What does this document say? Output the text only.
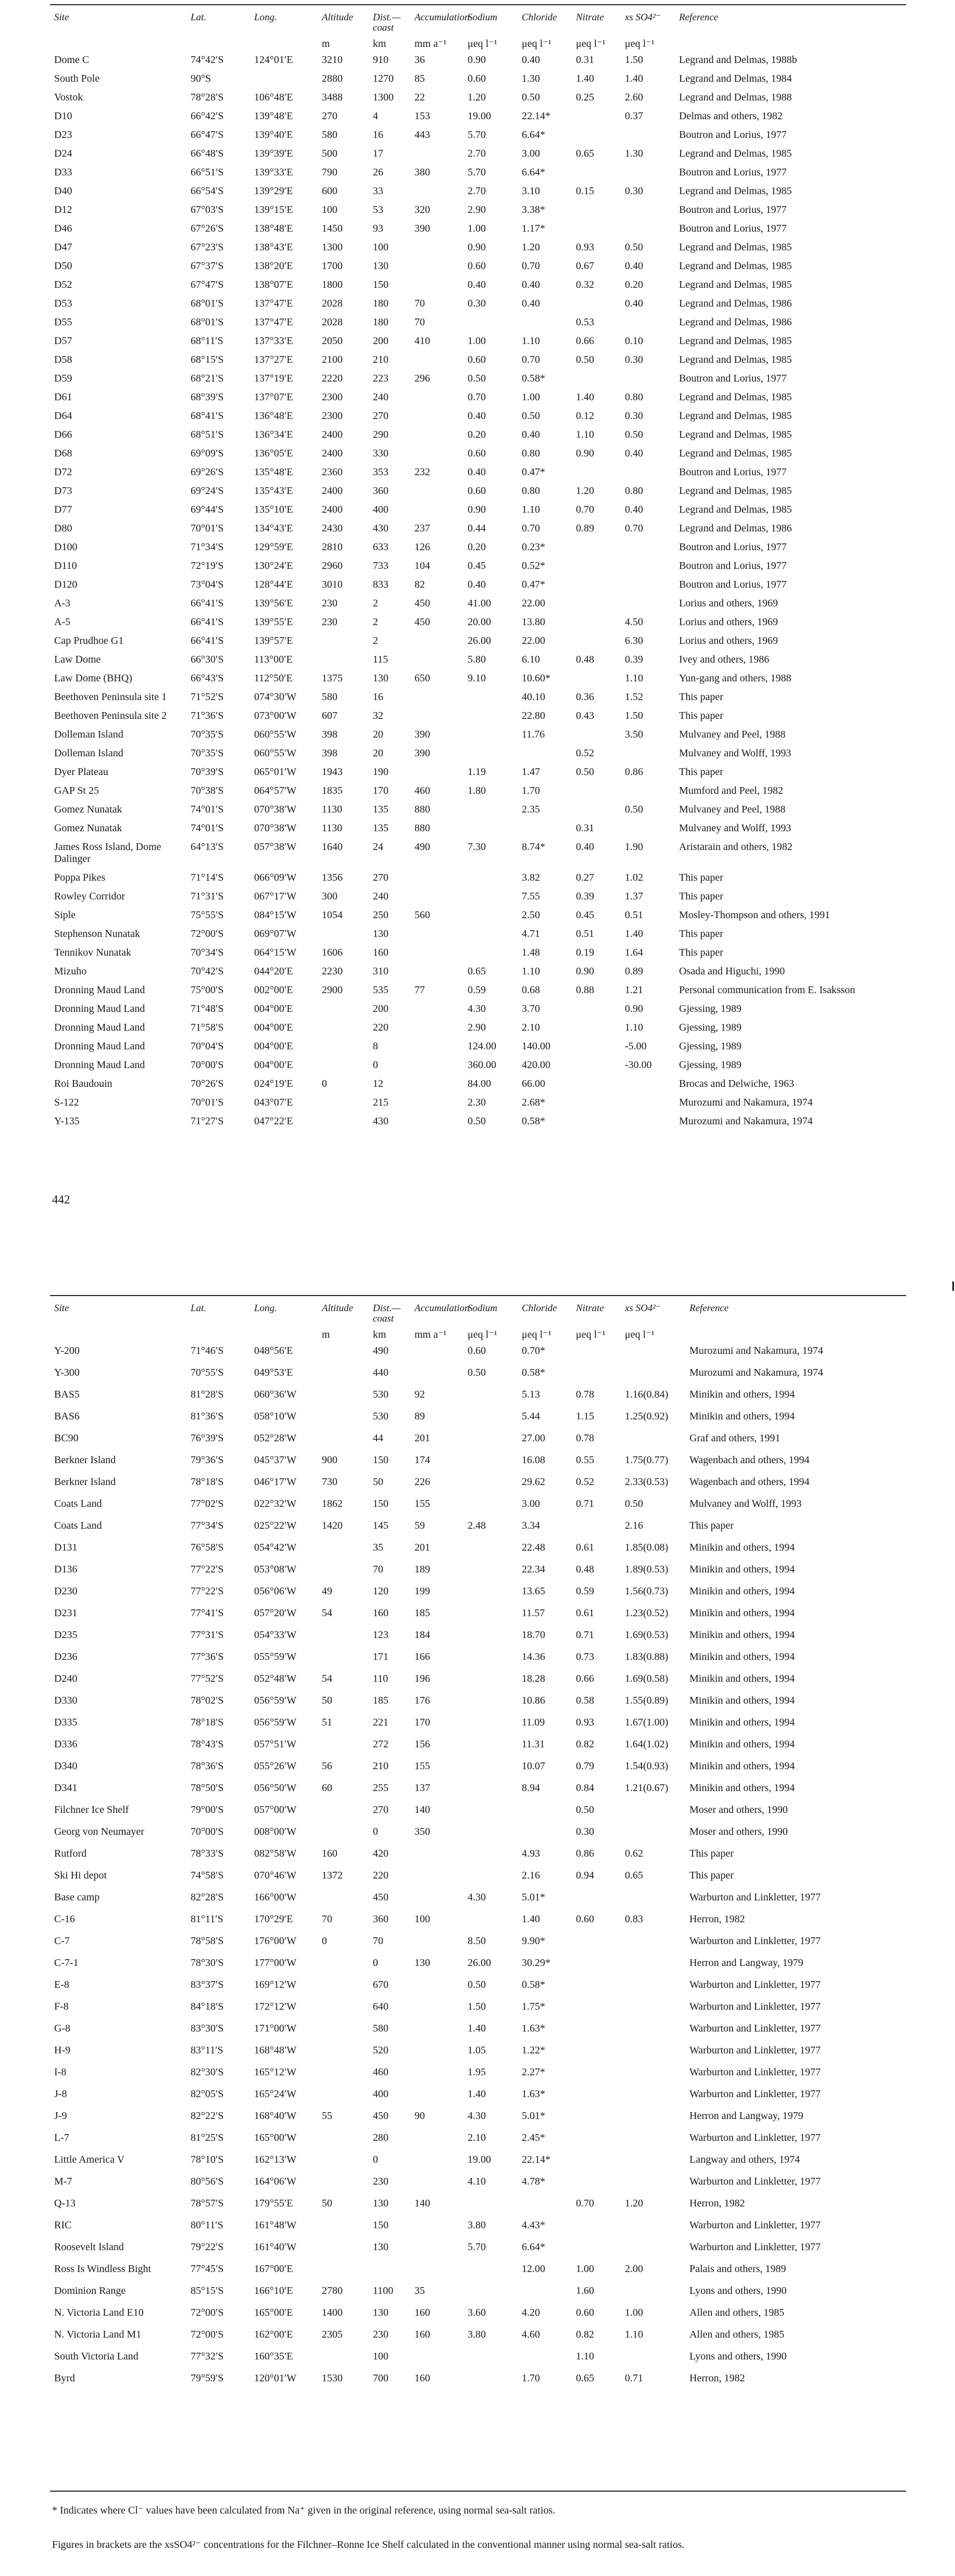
Site	Lat.	Long.	Altitude	Dist.—coast	Accumulation	Sodium	Chloride	Nitrate	xs SO4²⁻	Reference
			m	km	mm a⁻¹	μeq l⁻¹	μeq l⁻¹	μeq l⁻¹	μeq l⁻¹	
Dome C	74°42′S	124°01′E	3210	910	36	0.90	0.40	0.31	1.50	Legrand and Delmas, 1988b
South Pole	90°S		2880	1270	85	0.60	1.30	1.40	1.40	Legrand and Delmas, 1984
Vostok	78°28′S	106°48′E	3488	1300	22	1.20	0.50	0.25	2.60	Legrand and Delmas, 1988
D10	66°42′S	139°48′E	270	4	153	19.00	22.14*		0.37	Delmas and others, 1982
D23	66°47′S	139°40′E	580	16	443	5.70	6.64*			Boutron and Lorius, 1977
D24	66°48′S	139°39′E	500	17		2.70	3.00	0.65	1.30	Legrand and Delmas, 1985
D33	66°51′S	139°33′E	790	26	380	5.70	6.64*			Boutron and Lorius, 1977
D40	66°54′S	139°29′E	600	33		2.70	3.10	0.15	0.30	Legrand and Delmas, 1985
D12	67°03′S	139°15′E	100	53	320	2.90	3.38*			Boutron and Lorius, 1977
D46	67°26′S	138°48′E	1450	93	390	1.00	1.17*			Boutron and Lorius, 1977
D47	67°23′S	138°43′E	1300	100		0.90	1.20	0.93	0.50	Legrand and Delmas, 1985
D50	67°37′S	138°20′E	1700	130		0.60	0.70	0.67	0.40	Legrand and Delmas, 1985
D52	67°47′S	138°07′E	1800	150		0.40	0.40	0.32	0.20	Legrand and Delmas, 1985
D53	68°01′S	137°47′E	2028	180	70	0.30	0.40		0.40	Legrand and Delmas, 1986
D55	68°01′S	137°47′E	2028	180	70			0.53		Legrand and Delmas, 1986
D57	68°11′S	137°33′E	2050	200	410	1.00	1.10	0.66	0.10	Legrand and Delmas, 1985
D58	68°15′S	137°27′E	2100	210		0.60	0.70	0.50	0.30	Legrand and Delmas, 1985
D59	68°21′S	137°19′E	2220	223	296	0.50	0.58*			Boutron and Lorius, 1977
D61	68°39′S	137°07′E	2300	240		0.70	1.00	1.40	0.80	Legrand and Delmas, 1985
D64	68°41′S	136°48′E	2300	270		0.40	0.50	0.12	0.30	Legrand and Delmas, 1985
D66	68°51′S	136°34′E	2400	290		0.20	0.40	1.10	0.50	Legrand and Delmas, 1985
D68	69°09′S	136°05′E	2400	330		0.60	0.80	0.90	0.40	Legrand and Delmas, 1985
D72	69°26′S	135°48′E	2360	353	232	0.40	0.47*			Boutron and Lorius, 1977
D73	69°24′S	135°43′E	2400	360		0.60	0.80	1.20	0.80	Legrand and Delmas, 1985
D77	69°44′S	135°10′E	2400	400		0.90	1.10	0.70	0.40	Legrand and Delmas, 1985
D80	70°01′S	134°43′E	2430	430	237	0.44	0.70	0.89	0.70	Legrand and Delmas, 1986
D100	71°34′S	129°59′E	2810	633	126	0.20	0.23*			Boutron and Lorius, 1977
D110	72°19′S	130°24′E	2960	733	104	0.45	0.52*			Boutron and Lorius, 1977
D120	73°04′S	128°44′E	3010	833	82	0.40	0.47*			Boutron and Lorius, 1977
A-3	66°41′S	139°56′E	230	2	450	41.00	22.00			Lorius and others, 1969
A-5	66°41′S	139°55′E	230	2	450	20.00	13.80		4.50	Lorius and others, 1969
Cap Prudhoe G1	66°41′S	139°57′E		2		26.00	22.00		6.30	Lorius and others, 1969
Law Dome	66°30′S	113°00′E		115		5.80	6.10	0.48	0.39	Ivey and others, 1986
Law Dome (BHQ)	66°43′S	112°50′E	1375	130	650	9.10	10.60*		1.10	Yun-gang and others, 1988
Beethoven Peninsula site 1	71°52′S	074°30′W	580	16			40.10	0.36	1.52	This paper
Beethoven Peninsula site 2	71°36′S	073°00′W	607	32			22.80	0.43	1.50	This paper
Dolleman Island	70°35′S	060°55′W	398	20	390		11.76		3.50	Mulvaney and Peel, 1988
Dolleman Island	70°35′S	060°55′W	398	20	390			0.52		Mulvaney and Wolff, 1993
Dyer Plateau	70°39′S	065°01′W	1943	190		1.19	1.47	0.50	0.86	This paper
GAP St 25	70°38′S	064°57′W	1835	170	460	1.80	1.70			Mumford and Peel, 1982
Gomez Nunatak	74°01′S	070°38′W	1130	135	880		2.35		0.50	Mulvaney and Peel, 1988
Gomez Nunatak	74°01′S	070°38′W	1130	135	880			0.31		Mulvaney and Wolff, 1993
James Ross Island, Dome Dalinger	64°13′S	057°38′W	1640	24	490	7.30	8.74*	0.40	1.90	Aristarain and others, 1982
Poppa Pikes	71°14′S	066°09′W	1356	270			3.82	0.27	1.02	This paper
Rowley Corridor	71°31′S	067°17′W	300	240			7.55	0.39	1.37	This paper
Siple	75°55′S	084°15′W	1054	250	560		2.50	0.45	0.51	Mosley-Thompson and others, 1991
Stephenson Nunatak	72°00′S	069°07′W		130			4.71	0.51	1.40	This paper
Tennikov Nunatak	70°34′S	064°15′W	1606	160			1.48	0.19	1.64	This paper
Mizuho	70°42′S	044°20′E	2230	310		0.65	1.10	0.90	0.89	Osada and Higuchi, 1990
Dronning Maud Land	75°00′S	002°00′E	2900	535	77	0.59	0.68	0.88	1.21	Personal communication from E. Isaksson
Dronning Maud Land	71°48′S	004°00′E		200		4.30	3.70		0.90	Gjessing, 1989
Dronning Maud Land	71°58′S	004°00′E		220		2.90	2.10		1.10	Gjessing, 1989
Dronning Maud Land	70°04′S	004°00′E		8		124.00	140.00		-5.00	Gjessing, 1989
Dronning Maud Land	70°00′S	004°00′E		0		360.00	420.00		-30.00	Gjessing, 1989
Roi Baudouin	70°26′S	024°19′E	0	12		84.00	66.00			Brocas and Delwiche, 1963
S-122	70°01′S	043°07′E		215		2.30	2.68*			Murozumi and Nakamura, 1974
Y-135	71°27′S	047°22′E		430		0.50	0.58*			Murozumi and Nakamura, 1974
442
Site	Lat.	Long.	Altitude	Dist.—coast	Accumulation	Sodium	Chloride	Nitrate	xs SO4²⁻	Reference
			m	km	mm a⁻¹	μeq l⁻¹	μeq l⁻¹	μeq l⁻¹	μeq l⁻¹	
Y-200	71°46′S	048°56′E		490		0.60	0.70*			Murozumi and Nakamura, 1974
Y-300	70°55′S	049°53′E		440		0.50	0.58*			Murozumi and Nakamura, 1974
BAS5	81°28′S	060°36′W		530	92		5.13	0.78	1.16(0.84)	Minikin and others, 1994
BAS6	81°36′S	058°10′W		530	89		5.44	1.15	1.25(0.92)	Minikin and others, 1994
BC90	76°39′S	052°28′W		44	201		27.00	0.78		Graf and others, 1991
Berkner Island	79°36′S	045°37′W	900	150	174		16.08	0.55	1.75(0.77)	Wagenbach and others, 1994
Berkner Island	78°18′S	046°17′W	730	50	226		29.62	0.52	2.33(0.53)	Wagenbach and others, 1994
Coats Land	77°02′S	022°32′W	1862	150	155		3.00	0.71	0.50	Mulvaney and Wolff, 1993
Coats Land	77°34′S	025°22′W	1420	145	59	2.48	3.34		2.16	This paper
D131	76°58′S	054°42′W		35	201		22.48	0.61	1.85(0.08)	Minikin and others, 1994
D136	77°22′S	053°08′W		70	189		22.34	0.48	1.89(0.53)	Minikin and others, 1994
D230	77°22′S	056°06′W	49	120	199		13.65	0.59	1.56(0.73)	Minikin and others, 1994
D231	77°41′S	057°20′W	54	160	185		11.57	0.61	1.23(0.52)	Minikin and others, 1994
D235	77°31′S	054°33′W		123	184		18.70	0.71	1.69(0.53)	Minikin and others, 1994
D236	77°36′S	055°59′W		171	166		14.36	0.73	1.83(0.88)	Minikin and others, 1994
D240	77°52′S	052°48′W	54	110	196		18.28	0.66	1.69(0.58)	Minikin and others, 1994
D330	78°02′S	056°59′W	50	185	176		10.86	0.58	1.55(0.89)	Minikin and others, 1994
D335	78°18′S	056°59′W	51	221	170		11.09	0.93	1.67(1.00)	Minikin and others, 1994
D336	78°43′S	057°51′W		272	156		11.31	0.82	1.64(1.02)	Minikin and others, 1994
D340	78°36′S	055°26′W	56	210	155		10.07	0.79	1.54(0.93)	Minikin and others, 1994
D341	78°50′S	056°50′W	60	255	137		8.94	0.84	1.21(0.67)	Minikin and others, 1994
Filchner Ice Shelf	79°00′S	057°00′W		270	140			0.50		Moser and others, 1990
Georg von Neumayer	70°00′S	008°00′W		0	350			0.30		Moser and others, 1990
Rutford	78°33′S	082°58′W	160	420			4.93	0.86	0.62	This paper
Ski Hi depot	74°58′S	070°46′W	1372	220			2.16	0.94	0.65	This paper
Base camp	82°28′S	166°00′W		450		4.30	5.01*			Warburton and Linkletter, 1977
C-16	81°11′S	170°29′E	70	360	100		1.40	0.60	0.83	Herron, 1982
C-7	78°58′S	176°00′W	0	70		8.50	9.90*			Warburton and Linkletter, 1977
C-7-1	78°30′S	177°00′W		0	130	26.00	30.29*			Herron and Langway, 1979
E-8	83°37′S	169°12′W		670		0.50	0.58*			Warburton and Linkletter, 1977
F-8	84°18′S	172°12′W		640		1.50	1.75*			Warburton and Linkletter, 1977
G-8	83°30′S	171°00′W		580		1.40	1.63*			Warburton and Linkletter, 1977
H-9	83°11′S	168°48′W		520		1.05	1.22*			Warburton and Linkletter, 1977
I-8	82°30′S	165°12′W		460		1.95	2.27*			Warburton and Linkletter, 1977
J-8	82°05′S	165°24′W		400		1.40	1.63*			Warburton and Linkletter, 1977
J-9	82°22′S	168°40′W	55	450	90	4.30	5.01*			Herron and Langway, 1979
L-7	81°25′S	165°00′W		280		2.10	2.45*			Warburton and Linkletter, 1977
Little America V	78°10′S	162°13′W		0		19.00	22.14*			Langway and others, 1974
M-7	80°56′S	164°06′W		230		4.10	4.78*			Warburton and Linkletter, 1977
Q-13	78°57′S	179°55′E	50	130	140			0.70	1.20	Herron, 1982
RIC	80°11′S	161°48′W		150		3.80	4.43*			Warburton and Linkletter, 1977
Roosevelt Island	79°22′S	161°40′W		130		5.70	6.64*			Warburton and Linkletter, 1977
Ross Is Windless Bight	77°45′S	167°00′E					12.00	1.00	2.00	Palais and others, 1989
Dominion Range	85°15′S	166°10′E	2780	1100	35			1.60		Lyons and others, 1990
N. Victoria Land E10	72°00′S	165°00′E	1400	130	160	3.60	4.20	0.60	1.00	Allen and others, 1985
N. Victoria Land M1	72°00′S	162°00′E	2305	230	160	3.80	4.60	0.82	1.10	Allen and others, 1985
South Victoria Land	77°32′S	160°35′E		100				1.10		Lyons and others, 1990
Byrd	79°59′S	120°01′W	1530	700	160		1.70	0.65	0.71	Herron, 1982

* Indicates where Cl⁻ values have been calculated from Na⁺ given in the original reference, using normal sea-salt ratios.

Figures in brackets are the xsSO4²⁻ concentrations for the Filchner–Ronne Ice Shelf calculated in the conventional manner using normal sea-salt ratios.
